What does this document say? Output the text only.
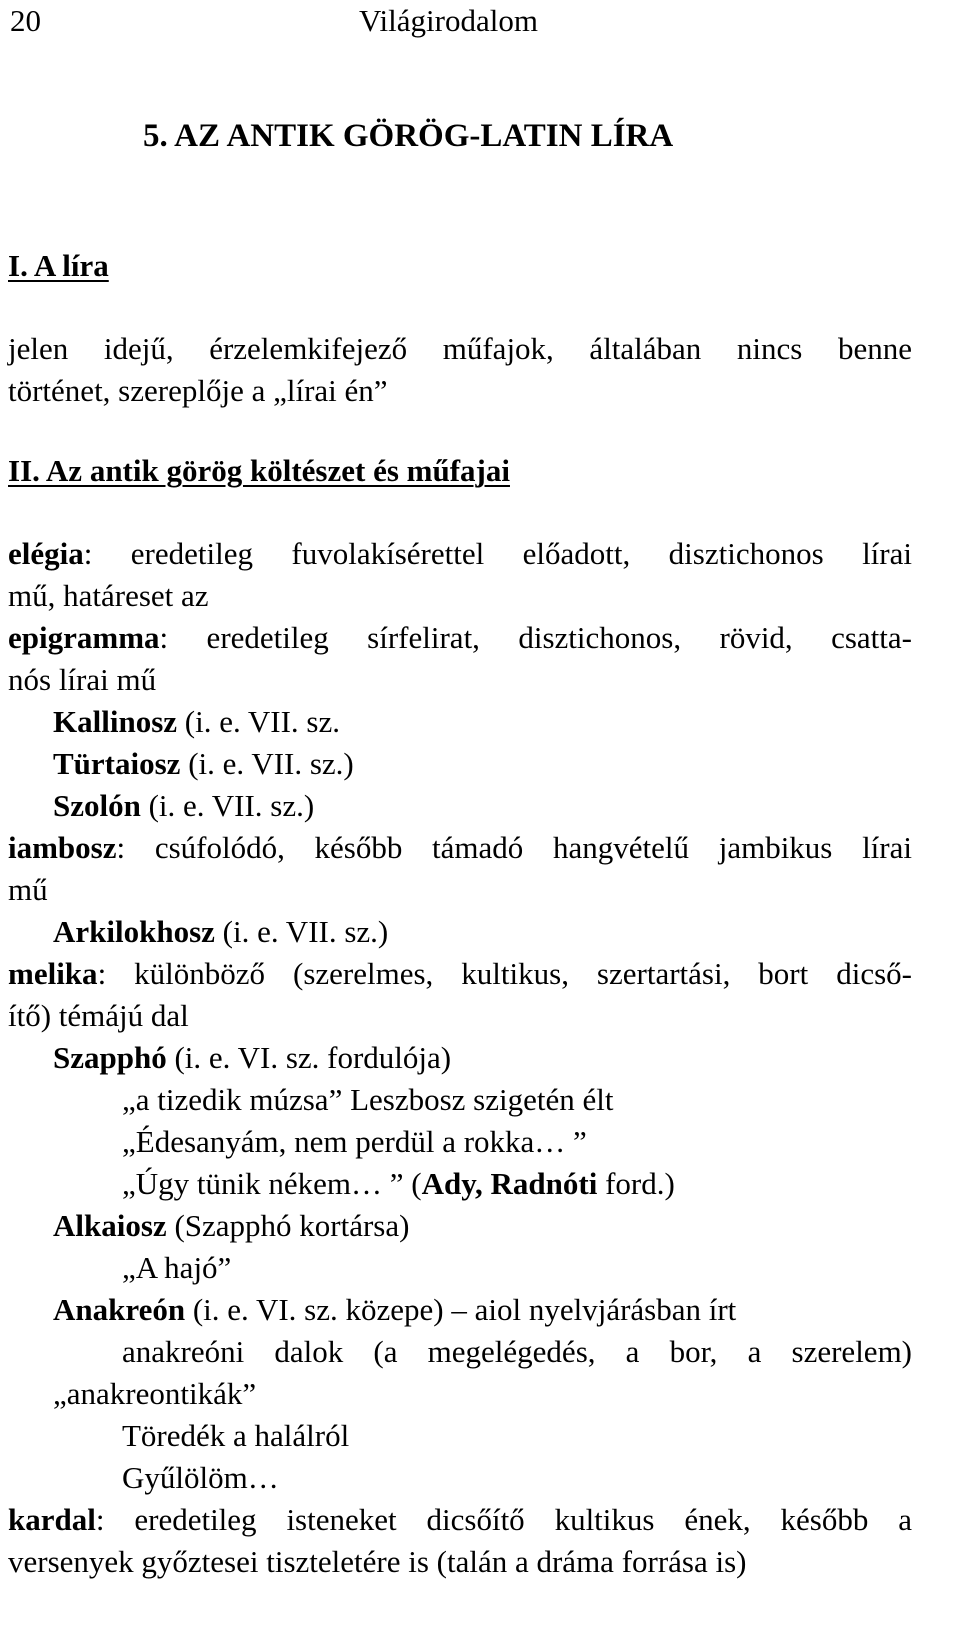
20	Világirodalom
5. AZ ANTIK GÖRÖG-LATIN LÍRA
I. A líra
jelen idejű, érzelemkifejező műfajok, általában nincs benne
történet, szereplője a „lírai én”
II. Az antik görög költészet és műfajai
elégia: eredetileg fuvolakísérettel előadott, disztichonos lírai
mű, határeset az
epigramma: eredetileg sírfelirat, disztichonos, rövid, csatta-
nós lírai mű
Kallinosz (i. e. VII. sz.
Türtaiosz (i. e. VII. sz.)
Szolón (i. e. VII. sz.)
iambosz: csúfolódó, később támadó hangvételű jambikus lírai
mű
Arkilokhosz (i. e. VII. sz.)
melika: különböző (szerelmes, kultikus, szertartási, bort dicső-
ítő) témájú dal
Szapphó (i. e. VI. sz. fordulója)
„a tizedik múzsa” Leszbosz szigetén élt
„Édesanyám, nem perdül a rokka… ”
„Úgy tünik nékem… ” (Ady, Radnóti ford.)
Alkaiosz (Szapphó kortársa)
„A hajó”
Anakreón (i. e. VI. sz. közepe) – aiol nyelvjárásban írt
anakreóni dalok (a megelégedés, a bor, a szerelem)
„anakreontikák”
Töredék a halálról
Gyűlölöm…
kardal: eredetileg isteneket dicsőítő kultikus ének, később a
versenyek győztesei tiszteletére is (talán a dráma forrása is)
